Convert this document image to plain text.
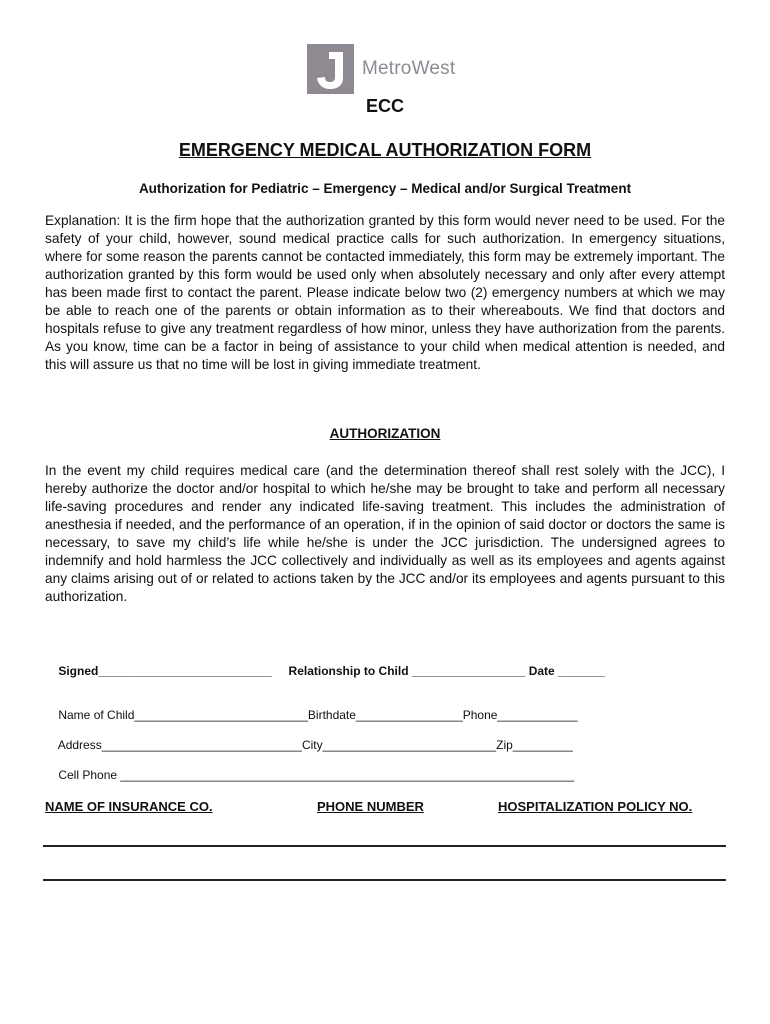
MetroWest
ECC
EMERGENCY MEDICAL AUTHORIZATION FORM
Authorization for Pediatric – Emergency – Medical and/or Surgical Treatment

Explanation: It is the firm hope that the authorization granted by this form would never need to be used. For the safety of your child, however, sound medical practice calls for such authorization. In emergency situations, where for some reason the parents cannot be contacted immediately, this form may be extremely important. The authorization granted by this form would be used only when absolutely necessary and only after every attempt has been made first to contact the parent. Please indicate below two (2) emergency numbers at which we may be able to reach one of the parents or obtain information as to their whereabouts. We find that doctors and hospitals refuse to give any treatment regardless of how minor, unless they have authorization from the parents. As you know, time can be a factor in being of assistance to your child when medical attention is needed, and this will assure us that no time will be lost in giving immediate treatment.

AUTHORIZATION

In the event my child requires medical care (and the determination thereof shall rest solely with the JCC), I hereby authorize the doctor and/or hospital to which he/she may be brought to take and perform all necessary life-saving procedures and render any indicated life-saving treatment. This includes the administration of anesthesia if needed, and the performance of an operation, if in the opinion of said doctor or doctors the same is necessary, to save my child’s life while he/she is under the JCC jurisdiction. The undersigned agrees to indemnify and hold harmless the JCC collectively and individually as well as its employees and agents against any claims arising out of or related to actions taken by the JCC and/or its employees and agents pursuant to this authorization.

Signed__________________________ Relationship to Child _________________ Date _______

Name of Child__________________________Birthdate________________Phone____________

Address______________________________City__________________________Zip_________

Cell Phone ____________________________________________________________________

NAME OF INSURANCE CO.	PHONE NUMBER	HOSPITALIZATION POLICY NO.
